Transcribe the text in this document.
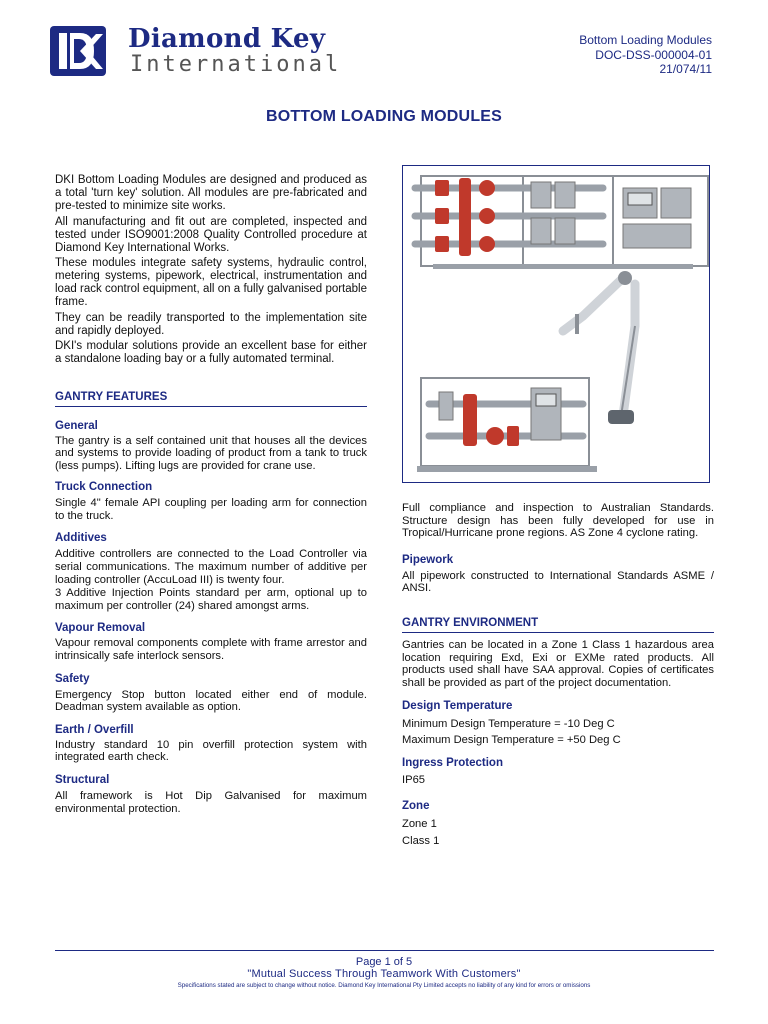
Diamond Key
International
Bottom Loading Modules
DOC-DSS-000004-01
21/074/11
BOTTOM LOADING MODULES

DKI Bottom Loading Modules are designed and produced as a total 'turn key' solution. All modules are pre-fabricated and pre-tested to minimize site works.

All manufacturing and fit out are completed, inspected and tested under ISO9001:2008 Quality Controlled procedure at Diamond Key International Works.

These modules integrate safety systems, hydraulic control, metering systems, pipework, electrical, instrumentation and load rack control equipment, all on a fully galvanised portable frame.

They can be readily transported to the implementation site and rapidly deployed.

DKI's modular solutions provide an excellent base for either a standalone loading bay or a fully automated terminal.

GANTRY FEATURES

General

The gantry is a self contained unit that houses all the devices and systems to provide loading of product from a tank to truck (less pumps). Lifting lugs are provided for crane use.

Truck Connection

Single 4" female API coupling per loading arm for connection to the truck.

Additives

Additive controllers are connected to the Load Controller via serial communications. The maximum number of additive per loading controller (AccuLoad III) is twenty four.

3 Additive Injection Points standard per arm, optional up to maximum per controller (24) shared amongst arms.

Vapour Removal

Vapour removal components complete with frame arrestor and intrinsically safe interlock sensors.

Safety

Emergency Stop button located either end of module. Deadman system available as option.

Earth / Overfill

Industry standard 10 pin overfill protection system with integrated earth check.

Structural

All framework is Hot Dip Galvanised for maximum environmental protection.

Full compliance and inspection to Australian Standards. Structure design has been fully developed for use in Tropical/Hurricane prone regions. AS Zone 4 cyclone rating.

Pipework

All pipework constructed to International Standards ASME / ANSI.

GANTRY ENVIRONMENT

Gantries can be located in a Zone 1 Class 1 hazardous area location requiring Exd, Exi or EXMe rated products. All products used shall have SAA approval. Copies of certificates shall be provided as part of the project documentation.

Design Temperature

Minimum Design Temperature = -10 Deg C

Maximum Design Temperature = +50 Deg C

Ingress Protection

IP65

Zone

Zone 1

Class 1

Page 1 of 5
"Mutual Success Through Teamwork With Customers"
Specifications stated are subject to change without notice. Diamond Key International Pty Limited accepts no liability of any kind for errors or omissions
